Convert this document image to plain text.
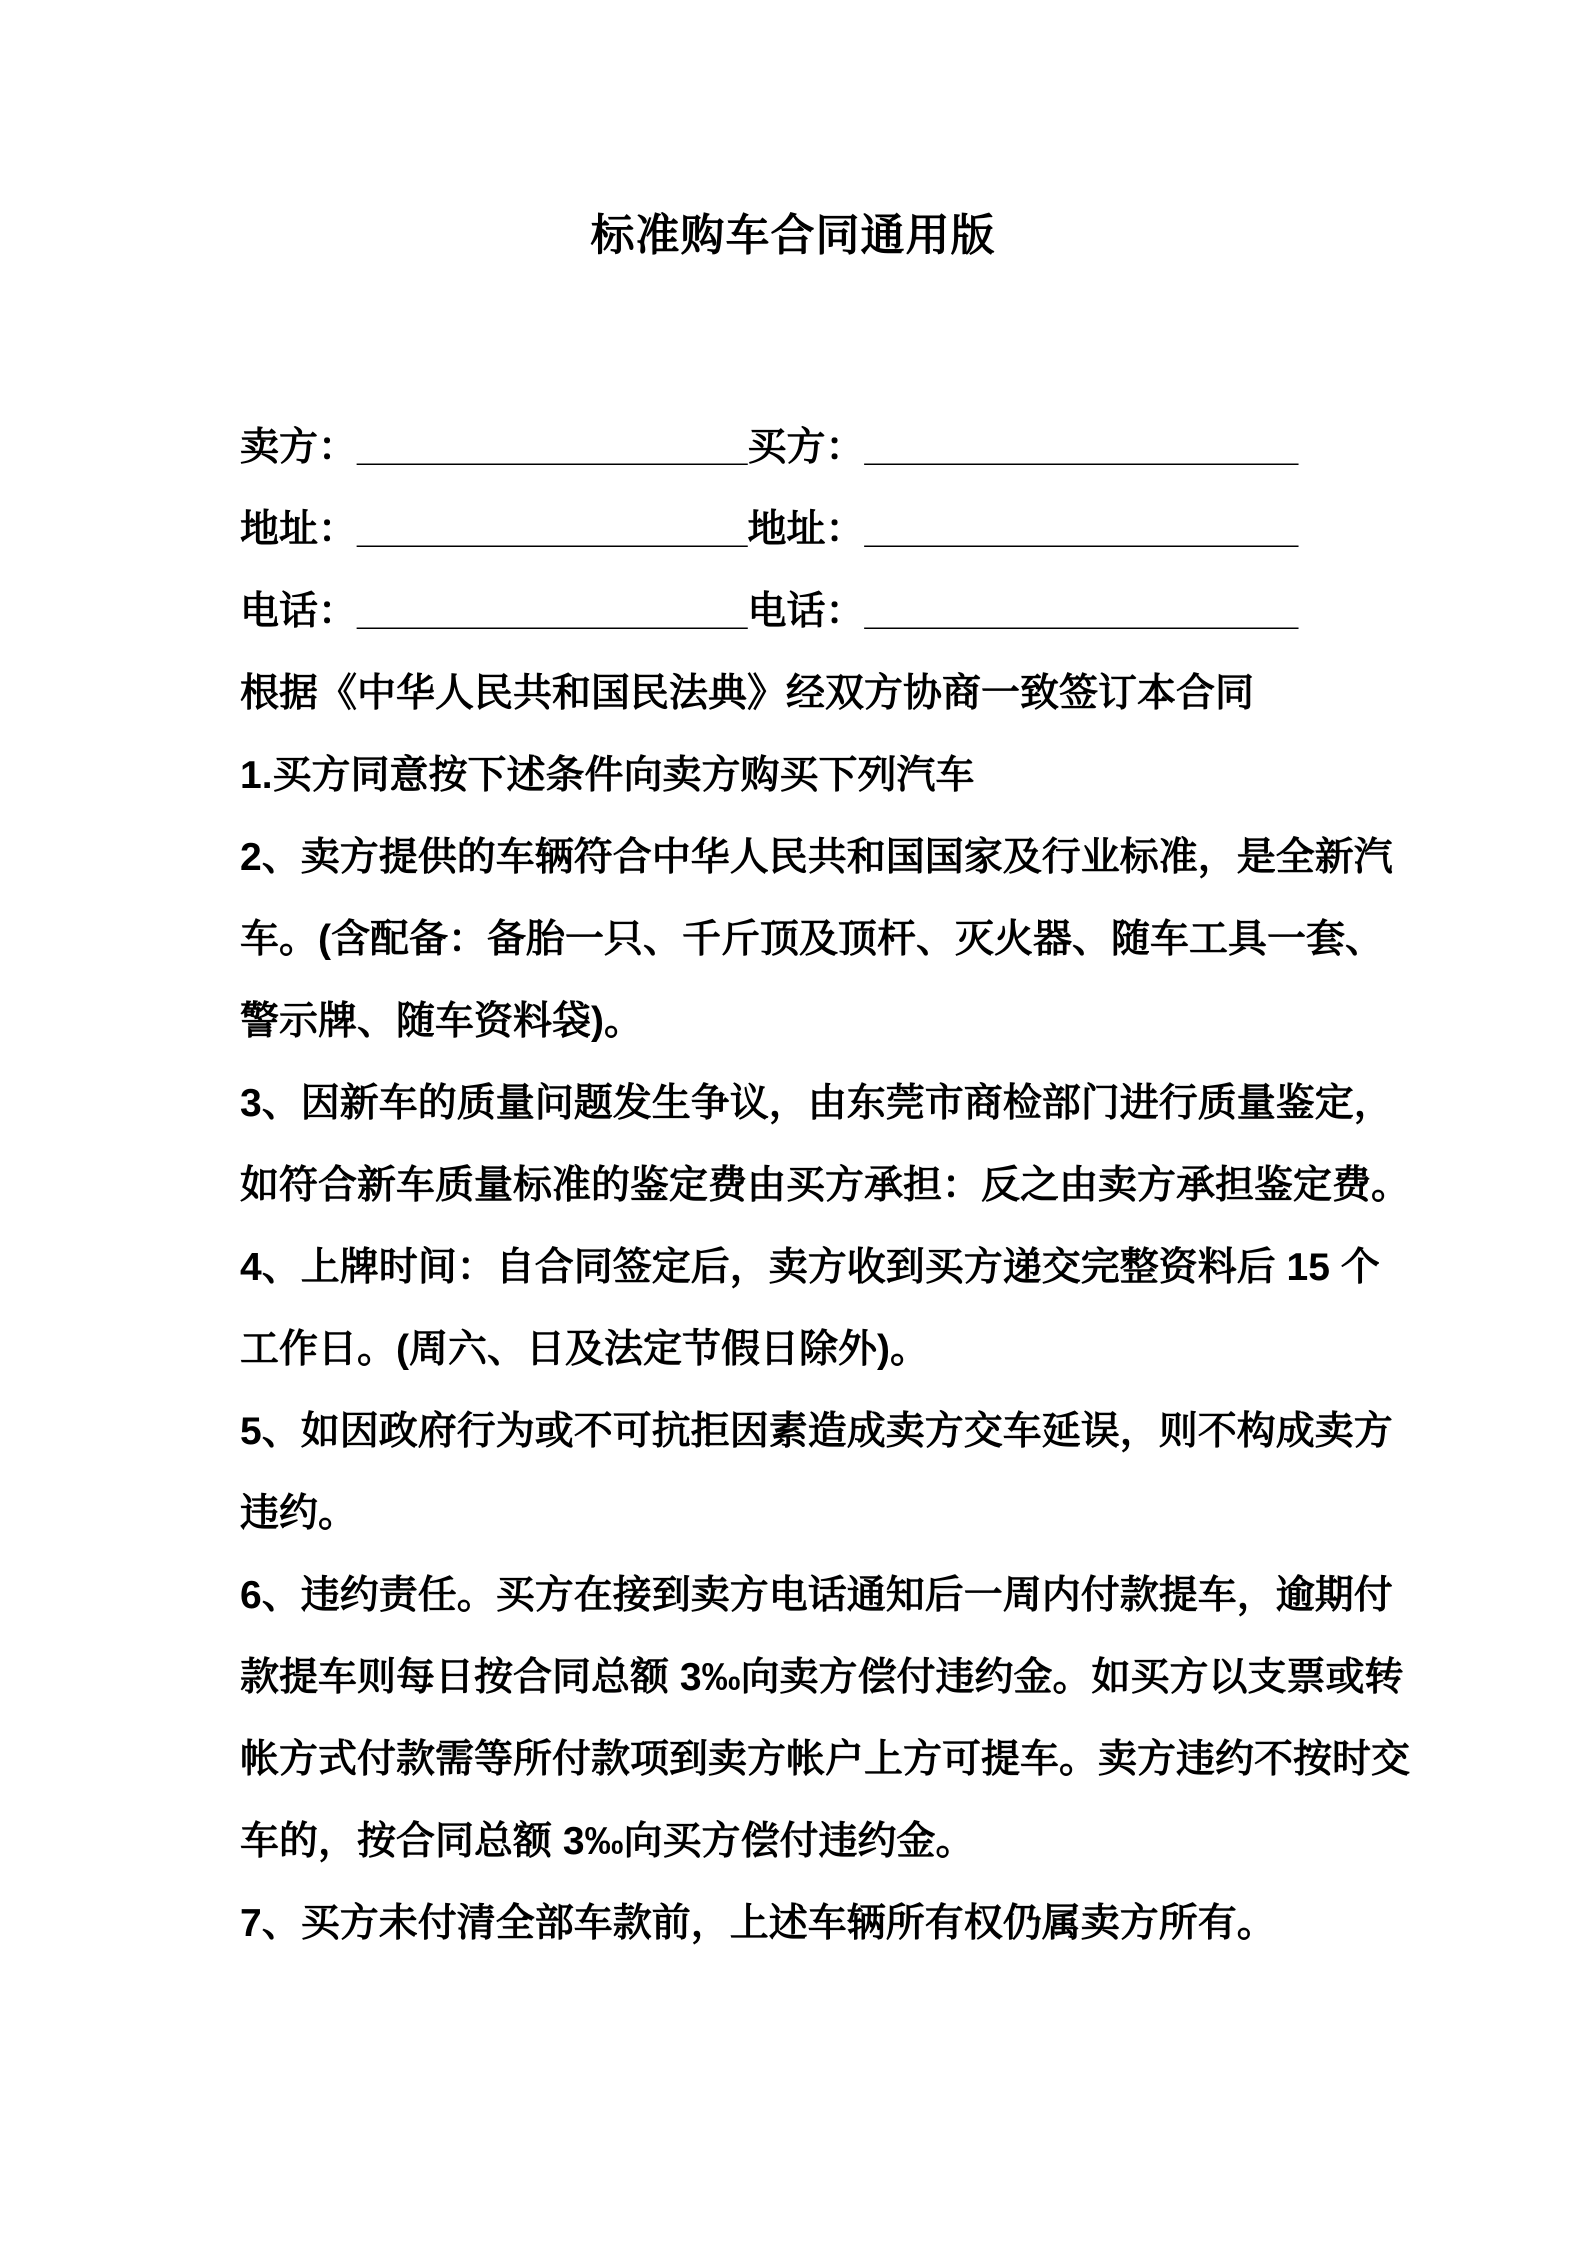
标准购车合同通用版
卖方：__________________买方：____________________
地址：__________________地址：____________________
电话：__________________电话：____________________
根据《中华人民共和国民法典》经双方协商一致签订本合同
1.买方同意按下述条件向卖方购买下列汽车
2、卖方提供的车辆符合中华人民共和国国家及行业标准，是全新汽
车。(含配备：备胎一只、千斤顶及顶杆、灭火器、随车工具一套、
警示牌、随车资料袋)。
3、因新车的质量问题发生争议，由东莞市商检部门进行质量鉴定，
如符合新车质量标准的鉴定费由买方承担：反之由卖方承担鉴定费。
4、上牌时间：自合同签定后，卖方收到买方递交完整资料后 15 个
工作日。(周六、日及法定节假日除外)。
5、如因政府行为或不可抗拒因素造成卖方交车延误，则不构成卖方
违约。
6、违约责任。买方在接到卖方电话通知后一周内付款提车，逾期付
款提车则每日按合同总额 3‰向卖方偿付违约金。如买方以支票或转
帐方式付款需等所付款项到卖方帐户上方可提车。卖方违约不按时交
车的，按合同总额 3‰向买方偿付违约金。
7、买方未付清全部车款前，上述车辆所有权仍属卖方所有。
